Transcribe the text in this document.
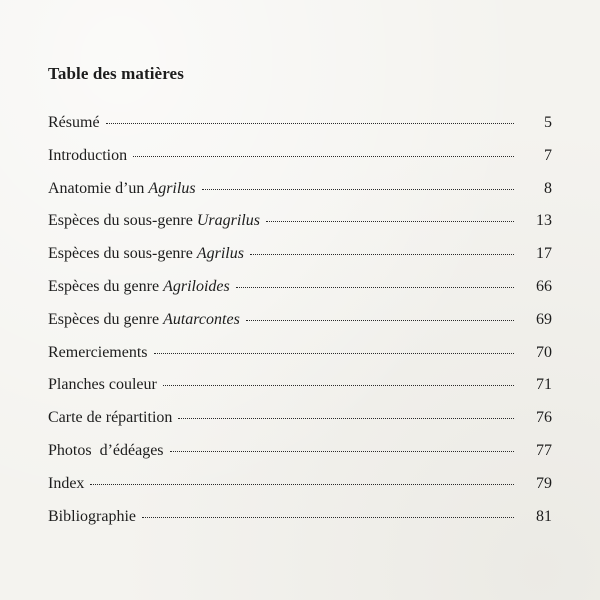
Table des matières
Résumé	5
Introduction	7
Anatomie d’un Agrilus	8
Espèces du sous-genre Uragrilus	13
Espèces du sous-genre Agrilus	17
Espèces du genre Agriloides	66
Espèces du genre Autarcontes	69
Remerciements	70
Planches couleur	71
Carte de répartition	76
Photos  d’édéages	77
Index	79
Bibliographie	81
